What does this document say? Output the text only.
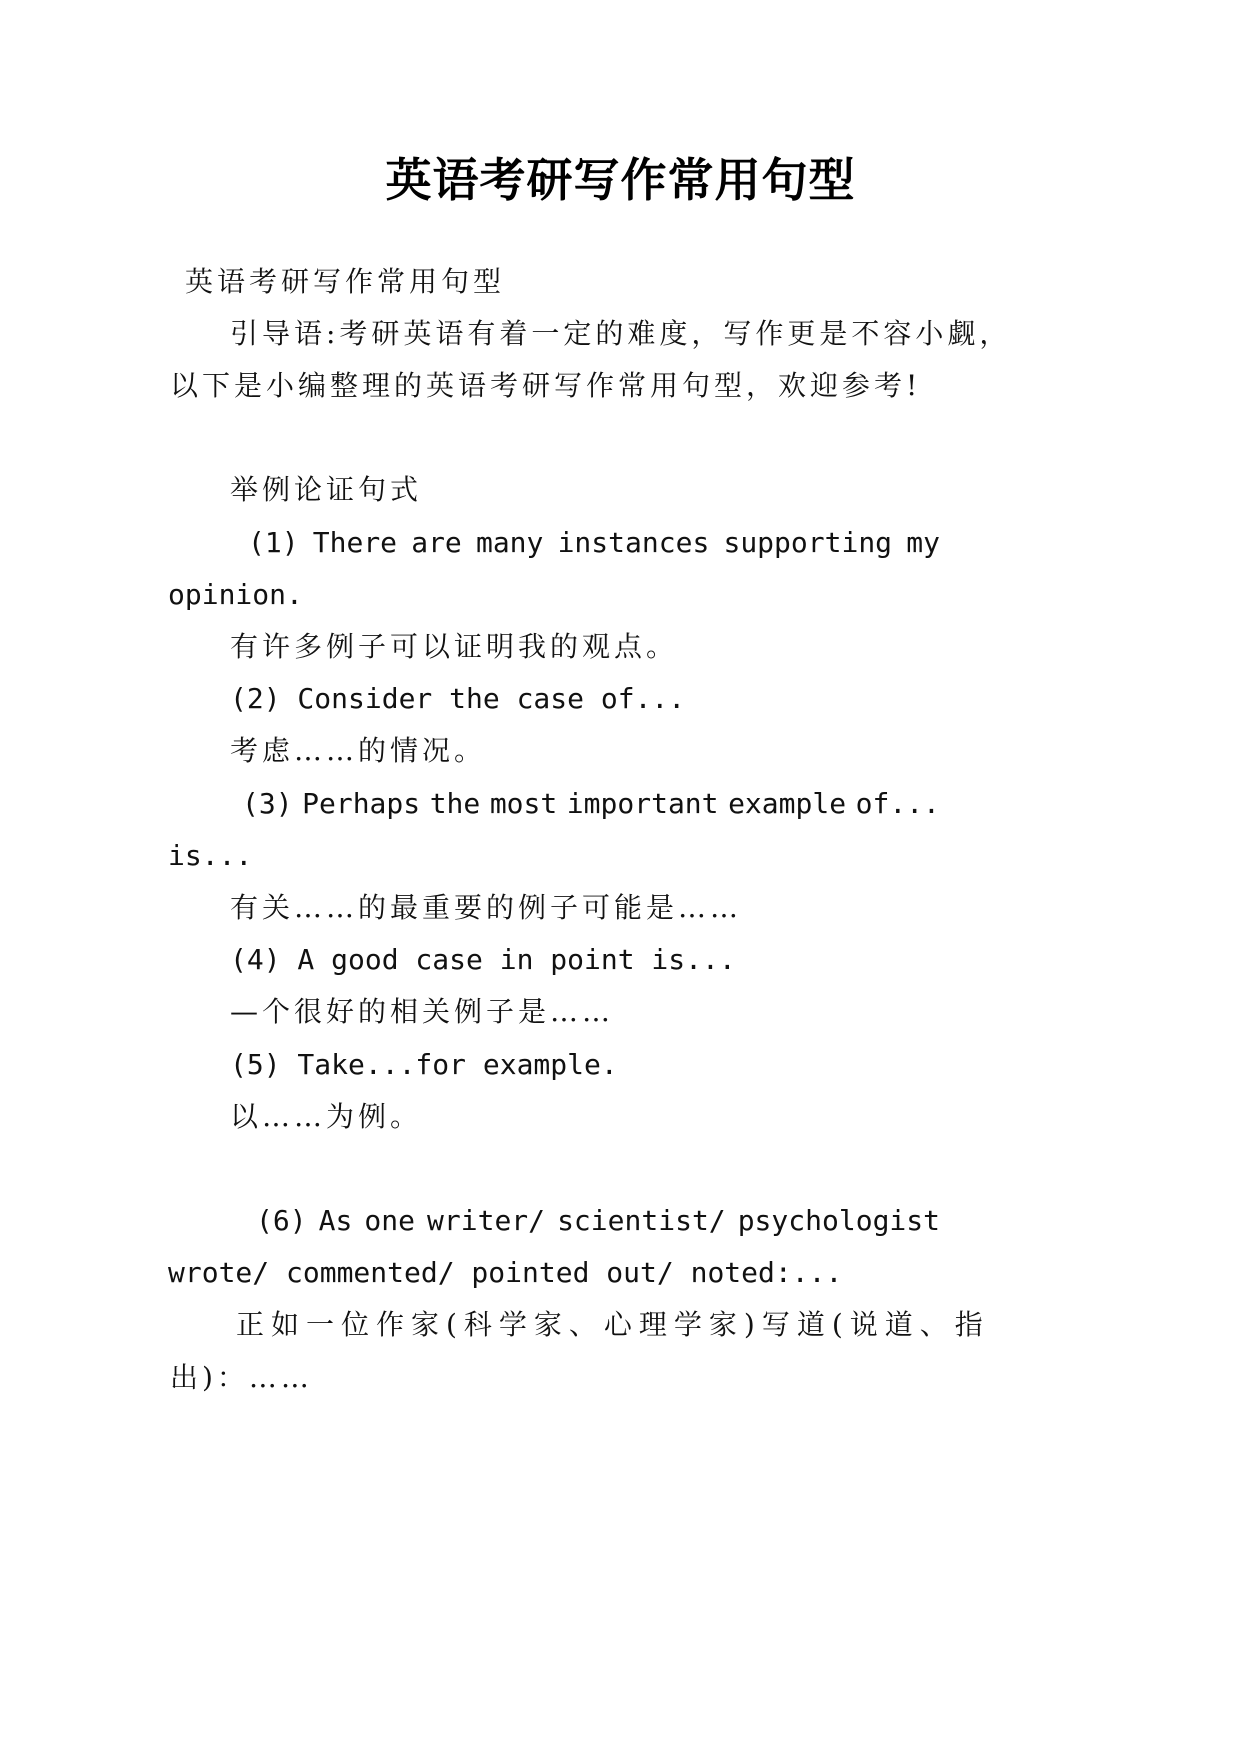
英语考研写作常用句型
英语考研写作常用句型
引导语:考研英语有着一定的难度，写作更是不容小觑，
以下是小编整理的英语考研写作常用句型，欢迎参考!
举例论证句式
(1) There are many instances supporting my
opinion.
有许多例子可以证明我的观点。
(2) Consider the case of...
考虑……的情况。
(3) Perhaps the most important example of...
is...
有关……的最重要的例子可能是……
(4) A good case in point is...
—个很好的相关例子是……
(5) Take...for example.
以……为例。
(6) As one writer/ scientist/ psychologist
wrote/ commented/ pointed out/ noted:...
正如一位作家(科学家、心理学家)写道(说道、指
出)：……
